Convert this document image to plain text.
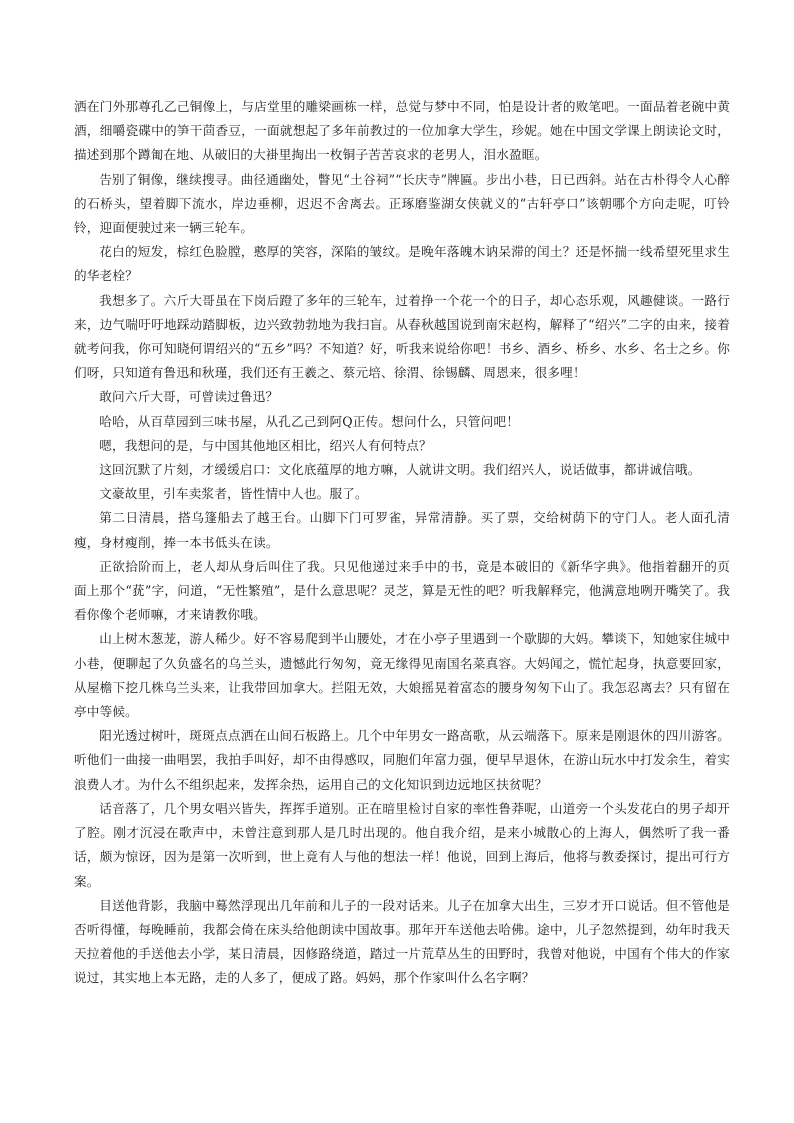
洒在门外那尊孔乙己铜像上，与店堂里的雕梁画栋一样，总觉与梦中不同，怕是设计者的败笔吧。一面品着老碗中黄酒，细嚼瓷碟中的笋干茴香豆，一面就想起了多年前教过的一位加拿大学生，珍妮。她在中国文学课上朗读论文时，描述到那个蹲匍在地、从破旧的大褂里掏出一枚铜子苦苦哀求的老男人，泪水盈眶。

告别了铜像，继续搜寻。曲径通幽处，瞥见“土谷祠”“长庆寺”牌匾。步出小巷，日已西斜。站在古朴得令人心醉的石桥头，望着脚下流水，岸边垂柳，迟迟不舍离去。正琢磨鉴湖女侠就义的“古轩亭口”该朝哪个方向走呢，叮铃铃，迎面便驶过来一辆三轮车。

花白的短发，棕红色脸膛，憨厚的笑容，深陷的皱纹。是晚年落魄木讷呆滞的闰土？还是怀揣一线希望死里求生的华老栓？

我想多了。六斤大哥虽在下岗后蹬了多年的三轮车，过着挣一个花一个的日子，却心态乐观，风趣健谈。一路行来，边气喘吁吁地踩动踏脚板，边兴致勃勃地为我扫盲。从春秋越国说到南宋赵构，解释了“绍兴”二字的由来，接着就考问我，你可知晓何谓绍兴的“五乡”吗？不知道？好，听我来说给你吧！书乡、酒乡、桥乡、水乡、名士之乡。你们呀，只知道有鲁迅和秋瑾，我们还有王羲之、蔡元培、徐渭、徐锡麟、周恩来，很多哩！

敢问六斤大哥，可曾读过鲁迅？

哈哈，从百草园到三味书屋，从孔乙己到阿Q正传。想问什么，只管问吧！

嗯，我想问的是，与中国其他地区相比，绍兴人有何特点？

这回沉默了片刻，才缓缓启口：文化底蕴厚的地方嘛，人就讲文明。我们绍兴人，说话做事，都讲诚信哦。

文豪故里，引车卖浆者，皆性情中人也。服了。

第二日清晨，搭乌篷船去了越王台。山脚下门可罗雀，异常清静。买了票，交给树荫下的守门人。老人面孔清瘦，身材瘦削，捧一本书低头在读。

正欲拾阶而上，老人却从身后叫住了我。只见他递过来手中的书，竟是本破旧的《新华字典》。他指着翻开的页面上那个“莸”字，问道，“无性繁殖”，是什么意思呢？灵芝，算是无性的吧？听我解释完，他满意地咧开嘴笑了。我看你像个老师嘛，才来请教你哦。

山上树木葱茏，游人稀少。好不容易爬到半山腰处，才在小亭子里遇到一个歇脚的大妈。攀谈下，知她家住城中小巷，便聊起了久负盛名的乌兰头，遗憾此行匆匆，竟无缘得见南国名菜真容。大妈闻之，慌忙起身，执意要回家，从屋檐下挖几株乌兰头来，让我带回加拿大。拦阻无效，大娘摇晃着富态的腰身匆匆下山了。我怎忍离去？只有留在亭中等候。

阳光透过树叶，斑斑点点洒在山间石板路上。几个中年男女一路高歌，从云端落下。原来是刚退休的四川游客。听他们一曲接一曲唱罢，我拍手叫好，却不由得感叹，同胞们年富力强，便早早退休，在游山玩水中打发余生，着实浪费人才。为什么不组织起来，发挥余热，运用自己的文化知识到边远地区扶贫呢？

话音落了，几个男女唱兴皆失，挥挥手道别。正在暗里检讨自家的率性鲁莽呢，山道旁一个头发花白的男子却开了腔。刚才沉浸在歌声中，未曾注意到那人是几时出现的。他自我介绍，是来小城散心的上海人，偶然听了我一番话，颇为惊讶，因为是第一次听到，世上竟有人与他的想法一样！他说，回到上海后，他将与教委探讨，提出可行方案。

目送他背影，我脑中蓦然浮现出几年前和儿子的一段对话来。儿子在加拿大出生，三岁才开口说话。但不管他是否听得懂，每晚睡前，我都会倚在床头给他朗读中国故事。那年开车送他去哈佛。途中，儿子忽然提到，幼年时我天天拉着他的手送他去小学，某日清晨，因修路绕道，踏过一片荒草丛生的田野时，我曾对他说，中国有个伟大的作家说过，其实地上本无路，走的人多了，便成了路。妈妈，那个作家叫什么名字啊？
